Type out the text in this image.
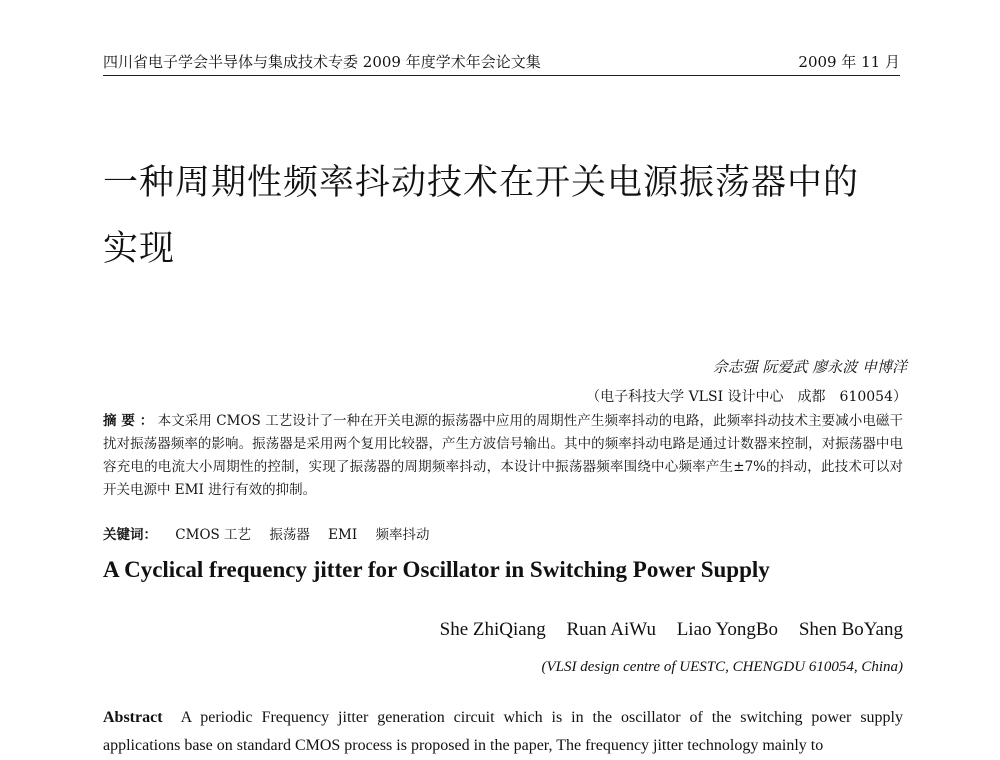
四川省电子学会半导体与集成技术专委 2009 年度学术年会论文集	2009 年 11 月
一种周期性频率抖动技术在开关电源振荡器中的
实现
佘志强 阮爱武 廖永波 申博洋
（电子科技大学 VLSI 设计中心　成都　610054）

摘 要 ： 本文采用 CMOS 工艺设计了一种在开关电源的振荡器中应用的周期性产生频率抖动的电路，此频率抖动技术主要减小电磁干扰对振荡器频率的影响。振荡器是采用两个复用比较器，产生方波信号输出。其中的频率抖动电路是通过计数器来控制，对振荡器中电容充电的电流大小周期性的控制，实现了振荡器的周期频率抖动，本设计中振荡器频率围绕中心频率产生±7%的抖动，此技术可以对开关电源中 EMI 进行有效的抑制。

关键词： CMOS 工艺 振荡器 EMI 频率抖动
A Cyclical frequency jitter for Oscillator in Switching Power Supply
She ZhiQiang Ruan AiWu Liao YongBo Shen BoYang
(VLSI design centre of UESTC, CHENGDU 610054, China)

Abstract A periodic Frequency jitter generation circuit which is in the oscillator of the switching power supply applications base on standard CMOS process is proposed in the paper, The frequency jitter technology mainly to
